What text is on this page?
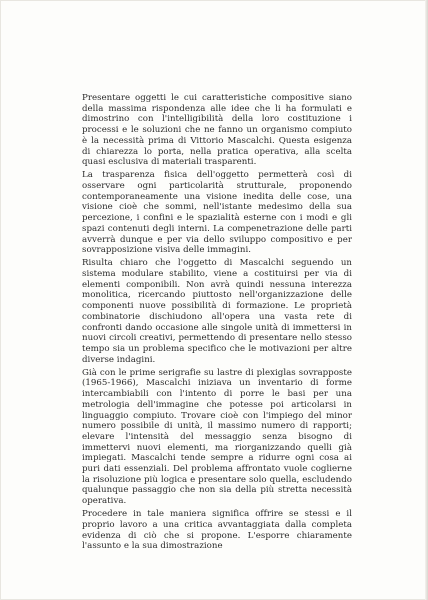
Presentare oggetti le cui caratteristiche compositive siano della massima rispondenza alle idee che li ha formulati e dimostrino con l'intelligibilità della loro costituzione i processi e le soluzioni che ne fanno un organismo compiuto è la necessità prima di Vittorio Mascalchi. Questa esigenza di chiarezza lo porta, nella pratica operativa, alla scelta quasi esclusiva di materiali trasparenti.

La trasparenza fisica dell'oggetto permetterà così di osservare ogni particolarità strutturale, proponendo contemporaneamente una visione inedita delle cose, una visione cioè che sommi, nell'istante medesimo della sua percezione, i confini e le spazialità esterne con i modi e gli spazi contenuti degli interni. La compenetrazione delle parti avverrà dunque e per via dello sviluppo compositivo e per sovrapposizione visiva delle immagini.

Risulta chiaro che l'oggetto di Mascalchi seguendo un sistema modulare stabilito, viene a costituirsi per via di elementi componibili. Non avrà quindi nessuna interezza monolitica, ricercando piuttosto nell'organizzazione delle componenti nuove possibilità di formazione. Le proprietà combinatorie dischiudono all'opera una vasta rete di confronti dando occasione alle singole unità di immettersi in nuovi circoli creativi, permettendo di presentare nello stesso tempo sia un problema specifico che le motivazioni per altre diverse indagini.

Già con le prime serigrafie su lastre di plexiglas sovrapposte (1965-1966), Mascalchi iniziava un inventario di forme intercambiabili con l'intento di porre le basi per una metrologia dell'immagine che potesse poi articolarsi in linguaggio compiuto. Trovare cioè con l'impiego del minor numero possibile di unità, il massimo numero di rapporti; elevare l'intensità del messaggio senza bisogno di immettervi nuovi elementi, ma riorganizzando quelli già impiegati. Mascalchi tende sempre a ridurre ogni cosa ai puri dati essenziali. Del problema affrontato vuole coglierne la risoluzione più logica e presentare solo quella, escludendo qualunque passaggio che non sia della più stretta necessità operativa.

Procedere in tale maniera significa offrire se stessi e il proprio lavoro a una critica avvantaggiata dalla completa evidenza di ciò che si propone. L'esporre chiaramente l'assunto e la sua dimostrazione
